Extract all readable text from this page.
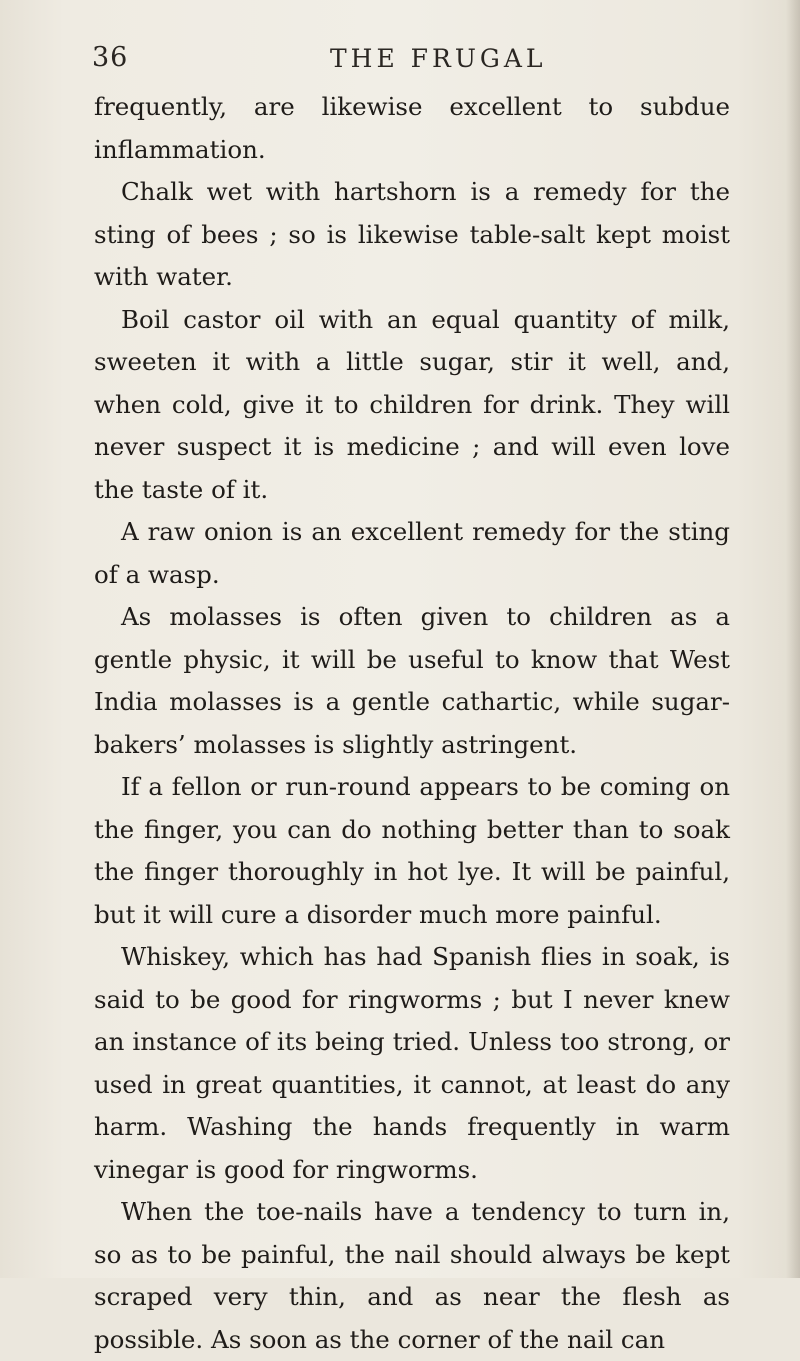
36	THE FRUGAL

frequently, are likewise excellent to subdue inflammation.

Chalk wet with hartshorn is a remedy for the sting of bees ; so is likewise table-salt kept moist with water.

Boil castor oil with an equal quantity of milk, sweeten it with a little sugar, stir it well, and, when cold, give it to children for drink. They will never suspect it is medicine ; and will even love the taste of it.

A raw onion is an excellent remedy for the sting of a wasp.

As molasses is often given to children as a gentle physic, it will be useful to know that West India molasses is a gentle cathartic, while sugar-bakers’ molasses is slightly astringent.

If a fellon or run-round appears to be coming on the finger, you can do nothing better than to soak the finger thoroughly in hot lye. It will be painful, but it will cure a disorder much more painful.

Whiskey, which has had Spanish flies in soak, is said to be good for ringworms ; but I never knew an instance of its being tried. Unless too strong, or used in great quantities, it cannot, at least do any harm. Washing the hands frequently in warm vinegar is good for ringworms.

When the toe-nails have a tendency to turn in, so as to be painful, the nail should always be kept scraped very thin, and as near the flesh as possible. As soon as the corner of the nail can
